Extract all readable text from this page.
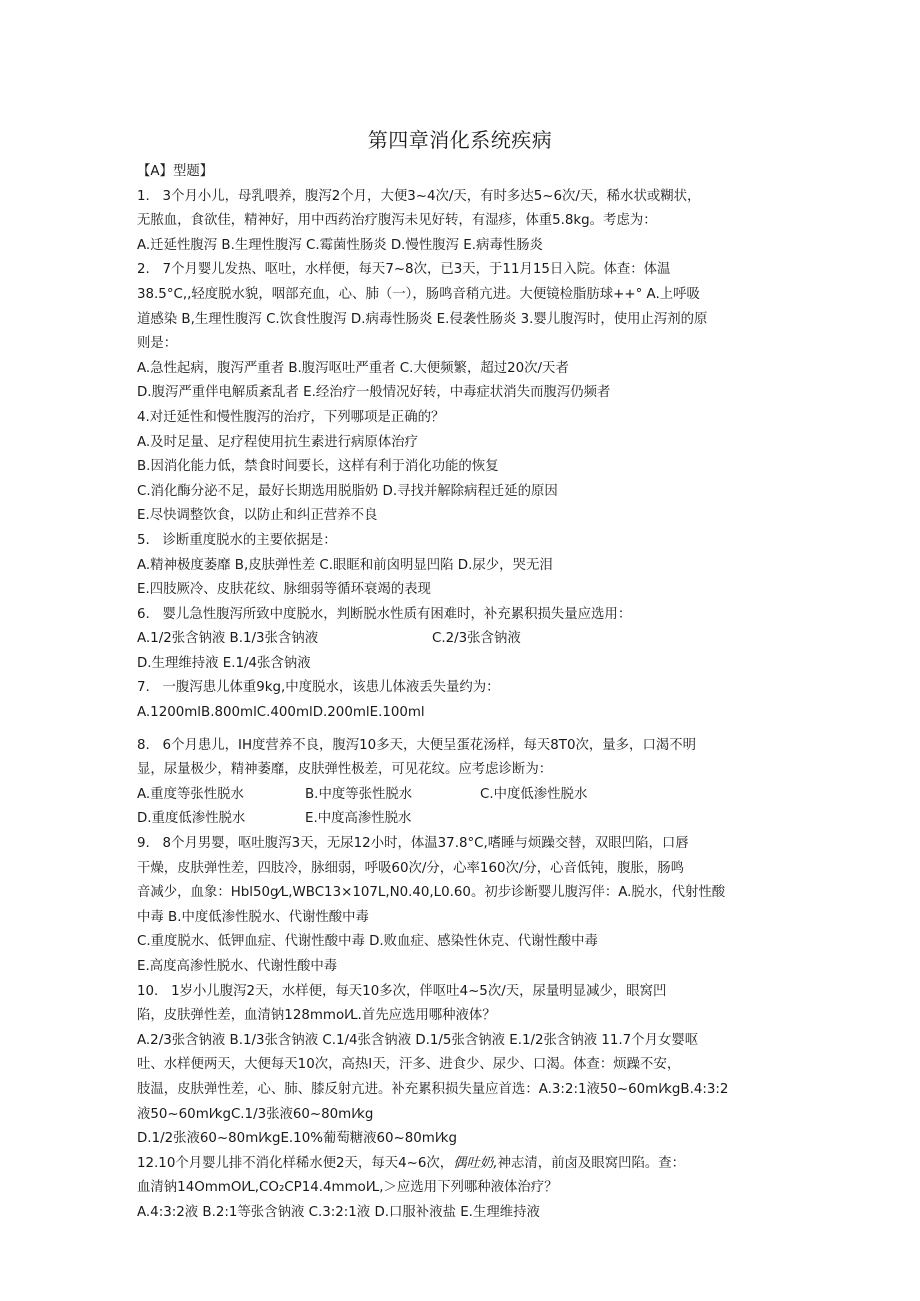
第四章消化系统疾病
【A】型题】
1.   3个月小儿，母乳喂养，腹泻2个月，大便3~4次/天，有时多达5~6次/天，稀水状或糊状，
无脓血，食欲佳，精神好，用中西药治疗腹泻未见好转，有湿疹，体重5.8kg。考虑为：
A.迁延性腹泻 B.生理性腹泻 C.霉菌性肠炎 D.慢性腹泻 E.病毒性肠炎
2.   7个月婴儿发热、呕吐，水样便，每天7~8次，已3天，于11月15日入院。体查：体温
38.5°C,,轻度脱水貌，咽部充血，心、肺（一），肠鸣音稍亢进。大便镜检脂肪球++° A.上呼吸
道感染 B,生理性腹泻 C.饮食性腹泻 D.病毒性肠炎 E.侵袭性肠炎 3.婴儿腹泻时，使用止泻剂的原
则是：
A.急性起病，腹泻严重者 B.腹泻呕吐严重者 C.大便频繁，超过20次/天者
D.腹泻严重伴电解质紊乱者 E.经治疗一般情况好转，中毒症状消失而腹泻仍频者
4.对迁延性和慢性腹泻的治疗，下列哪项是正确的？
A.及时足量、足疗程使用抗生素进行病原体治疗
B.因消化能力低，禁食时间要长，这样有利于消化功能的恢复
C.消化酶分泌不足，最好长期选用脱脂奶 D.寻找并解除病程迁延的原因
E.尽快调整饮食，以防止和纠正营养不良
5.   诊断重度脱水的主要依据是：
A.精神极度萎靡 B,皮肤弹性差 C.眼眶和前囟明显凹陷 D.尿少，哭无泪
E.四肢厥冷、皮肤花纹、脉细弱等循环衰竭的表现
6.   婴儿急性腹泻所致中度脱水，判断脱水性质有困难时，补充累积损失量应选用：
A.1/2张含钠液 B.1/3张含钠液	C.2/3张含钠液
D.生理维持液 E.1/4张含钠液
7.   一腹泻患儿体重9kg,中度脱水，该患儿体液丢失量约为：
A.1200mlB.800mlC.400mlD.200mlE.100ml
8.   6个月患儿，IH度营养不良，腹泻10多天，大便呈蛋花汤样，每天8T0次，量多，口渴不明
显，尿量极少，精神萎靡，皮肤弹性极差，可见花纹。应考虑诊断为：
A.重度等张性脱水	B.中度等张性脱水	C.中度低渗性脱水
D.重度低渗性脱水	E.中度高渗性脱水
9.   8个月男婴，呕吐腹泻3天，无尿12小时，体温37.8°C,嗜睡与烦躁交替，双眼凹陷，口唇
干燥，皮肤弹性差，四肢冷，脉细弱，呼吸60次/分，心率160次/分，心音低钝，腹胀，肠鸣
音减少，血象：Hbl50g⁄L,WBC13×107L,N0.40,L0.60。初步诊断婴儿腹泻伴：A.脱水，代射性酸
中毒 B.中度低渗性脱水、代谢性酸中毒
C.重度脱水、低钾血症、代谢性酸中毒 D.败血症、感染性休克、代谢性酸中毒
E.高度高渗性脱水、代谢性酸中毒
10.   1岁小儿腹泻2天，水样便，每天10多次，伴呕吐4~5次/天，尿量明显减少，眼窝凹
陷，皮肤弹性差，血清钠128mmol⁄L.首先应选用哪种液体？
A.2/3张含钠液 B.1/3张含钠液 C.1/4张含钠液 D.1/5张含钠液 E.1/2张含钠液 11.7个月女婴呕
吐、水样便两天，大便每天10次，高热I天，汗多、进食少、尿少、口渴。体查：烦躁不安，
肢温，皮肤弹性差，心、肺、膝反射亢进。补充累积损失量应首选：A.3:2:1液50~60ml⁄kgB.4:3:2
液50~60ml⁄kgC.1/3张液60~80ml⁄kg
D.1/2张液60~80ml⁄kgE.10%葡萄糖液60~80ml⁄kg
12.10个月婴儿排不消化样稀水便2天，每天4~6次，偶吐奶,神志清，前卤及眼窝凹陷。查：
血清钠14OmmOl⁄L,CO₂CP14.4mmol⁄L,＞应选用下列哪种液体治疗？
A.4:3:2液 B.2:1等张含钠液 C.3:2:1液 D.口服补液盐 E.生理维持液
